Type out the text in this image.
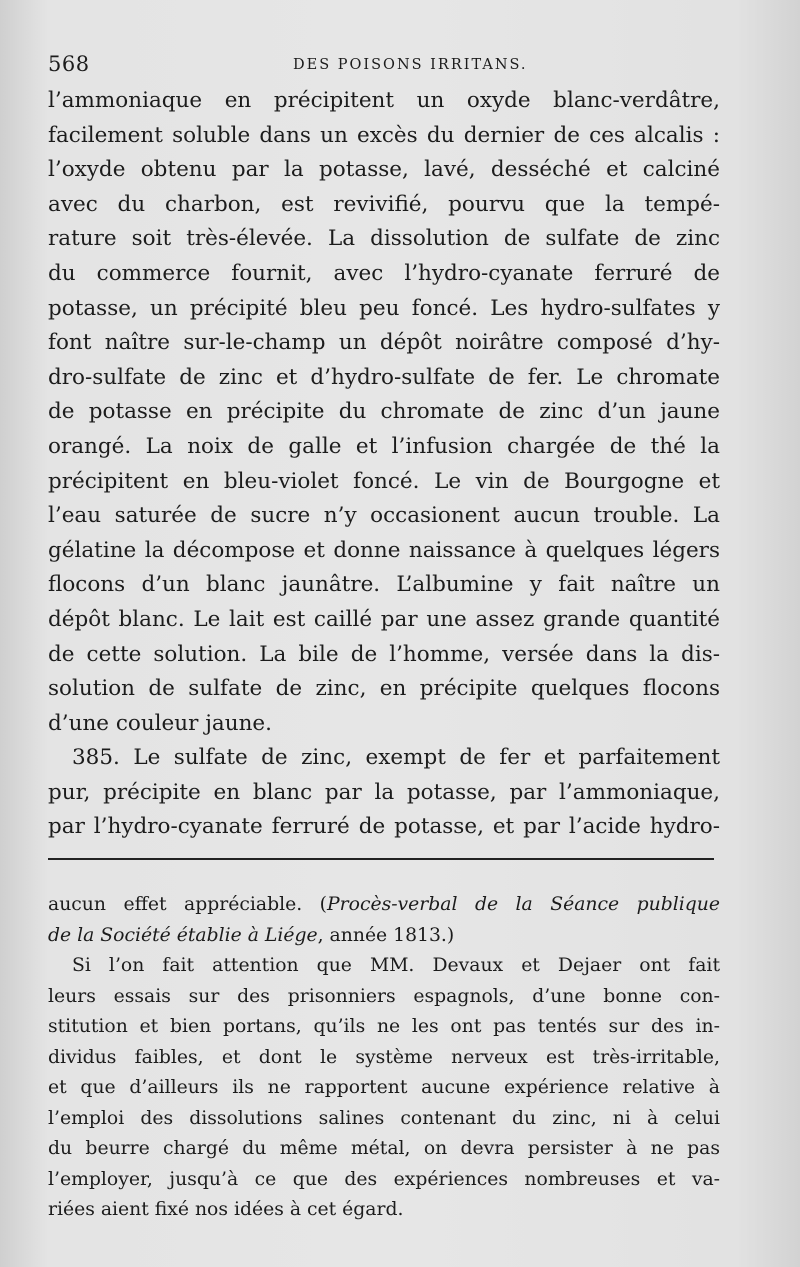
568	DES POISONS IRRITANS.
l’ammoniaque en précipitent un oxyde blanc-verdâtre,
facilement soluble dans un excès du dernier de ces alcalis :
l’oxyde obtenu par la potasse, lavé, desséché et calciné
avec du charbon, est revivifié, pourvu que la tempé-
rature soit très-élevée. La dissolution de sulfate de zinc
du commerce fournit, avec l’hydro-cyanate ferruré de
potasse, un précipité bleu peu foncé. Les hydro-sulfates y
font naître sur-le-champ un dépôt noirâtre composé d’hy-
dro-sulfate de zinc et d’hydro-sulfate de fer. Le chromate
de potasse en précipite du chromate de zinc d’un jaune
orangé. La noix de galle et l’infusion chargée de thé la
précipitent en bleu-violet foncé. Le vin de Bourgogne et
l’eau saturée de sucre n’y occasionent aucun trouble. La
gélatine la décompose et donne naissance à quelques légers
flocons d’un blanc jaunâtre. L’albumine y fait naître un
dépôt blanc. Le lait est caillé par une assez grande quantité
de cette solution. La bile de l’homme, versée dans la dis-
solution de sulfate de zinc, en précipite quelques flocons
d’une couleur jaune.
385. Le sulfate de zinc, exempt de fer et parfaitement
pur, précipite en blanc par la potasse, par l’ammoniaque,
par l’hydro-cyanate ferruré de potasse, et par l’acide hydro-
aucun effet appréciable. (Procès-verbal de la Séance publique
de la Société établie à Liége, année 1813.)
Si l’on fait attention que MM. Devaux et Dejaer ont fait
leurs essais sur des prisonniers espagnols, d’une bonne con-
stitution et bien portans, qu’ils ne les ont pas tentés sur des in-
dividus faibles, et dont le système nerveux est très-irritable,
et que d’ailleurs ils ne rapportent aucune expérience relative à
l’emploi des dissolutions salines contenant du zinc, ni à celui
du beurre chargé du même métal, on devra persister à ne pas
l’employer, jusqu’à ce que des expériences nombreuses et va-
riées aient fixé nos idées à cet égard.
